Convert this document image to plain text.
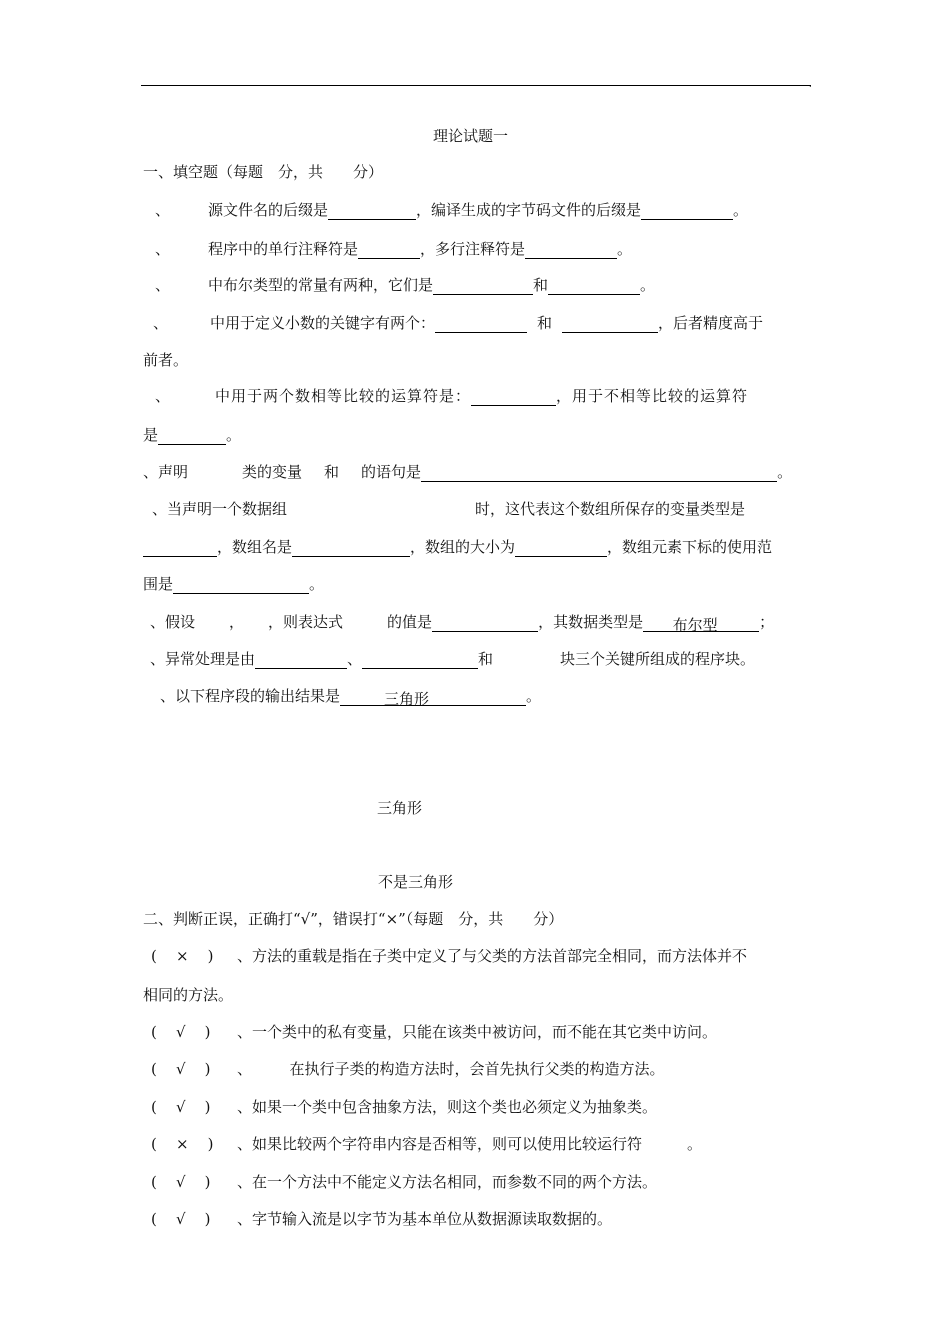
.
理论试题一
一、填空题（每题　分，共　　分）
、	源文件名的后缀是	，编译生成的字节码文件的后缀是	。
、	程序中的单行注释符是	，多行注释符是	。
、	中布尔类型的常量有两种，它们是	和	。
、	中用于定义小数的关键字有两个：	和	，后者精度高于
前者。
、	中用于两个数相等比较的运算符是：	，用于不相等比较的运算符
是	。
、声明	类的变量 和 的语句是	。
、当声明一个数据组	时，这代表这个数组所保存的变量类型是
，数组名是	，数组的大小为	，数组元素下标的使用范
围是	。
、假设 ， ，则表达式	的值是	，其数据类型是 布尔型	；
、异常处理是由	、	和	块三个关键所组成的程序块。
、以下程序段的输出结果是	三角形	。
三角形
不是三角形
二、判断正误，正确打“√”，错误打“×”（每题　分，共　　分）
(    ×    ) 、方法的重载是指在子类中定义了与父类的方法首部完全相同，而方法体并不
相同的方法。
(    √    ) 、一个类中的私有变量，只能在该类中被访问，而不能在其它类中访问。
(    √    ) 、　　　在执行子类的构造方法时，会首先执行父类的构造方法。
(    √    ) 、如果一个类中包含抽象方法，则这个类也必须定义为抽象类。
(    ×    ) 、如果比较两个字符串内容是否相等，则可以使用比较运行符　　　。
(    √    ) 、在一个方法中不能定义方法名相同，而参数不同的两个方法。
(    √    ) 、字节输入流是以字节为基本单位从数据源读取数据的。
